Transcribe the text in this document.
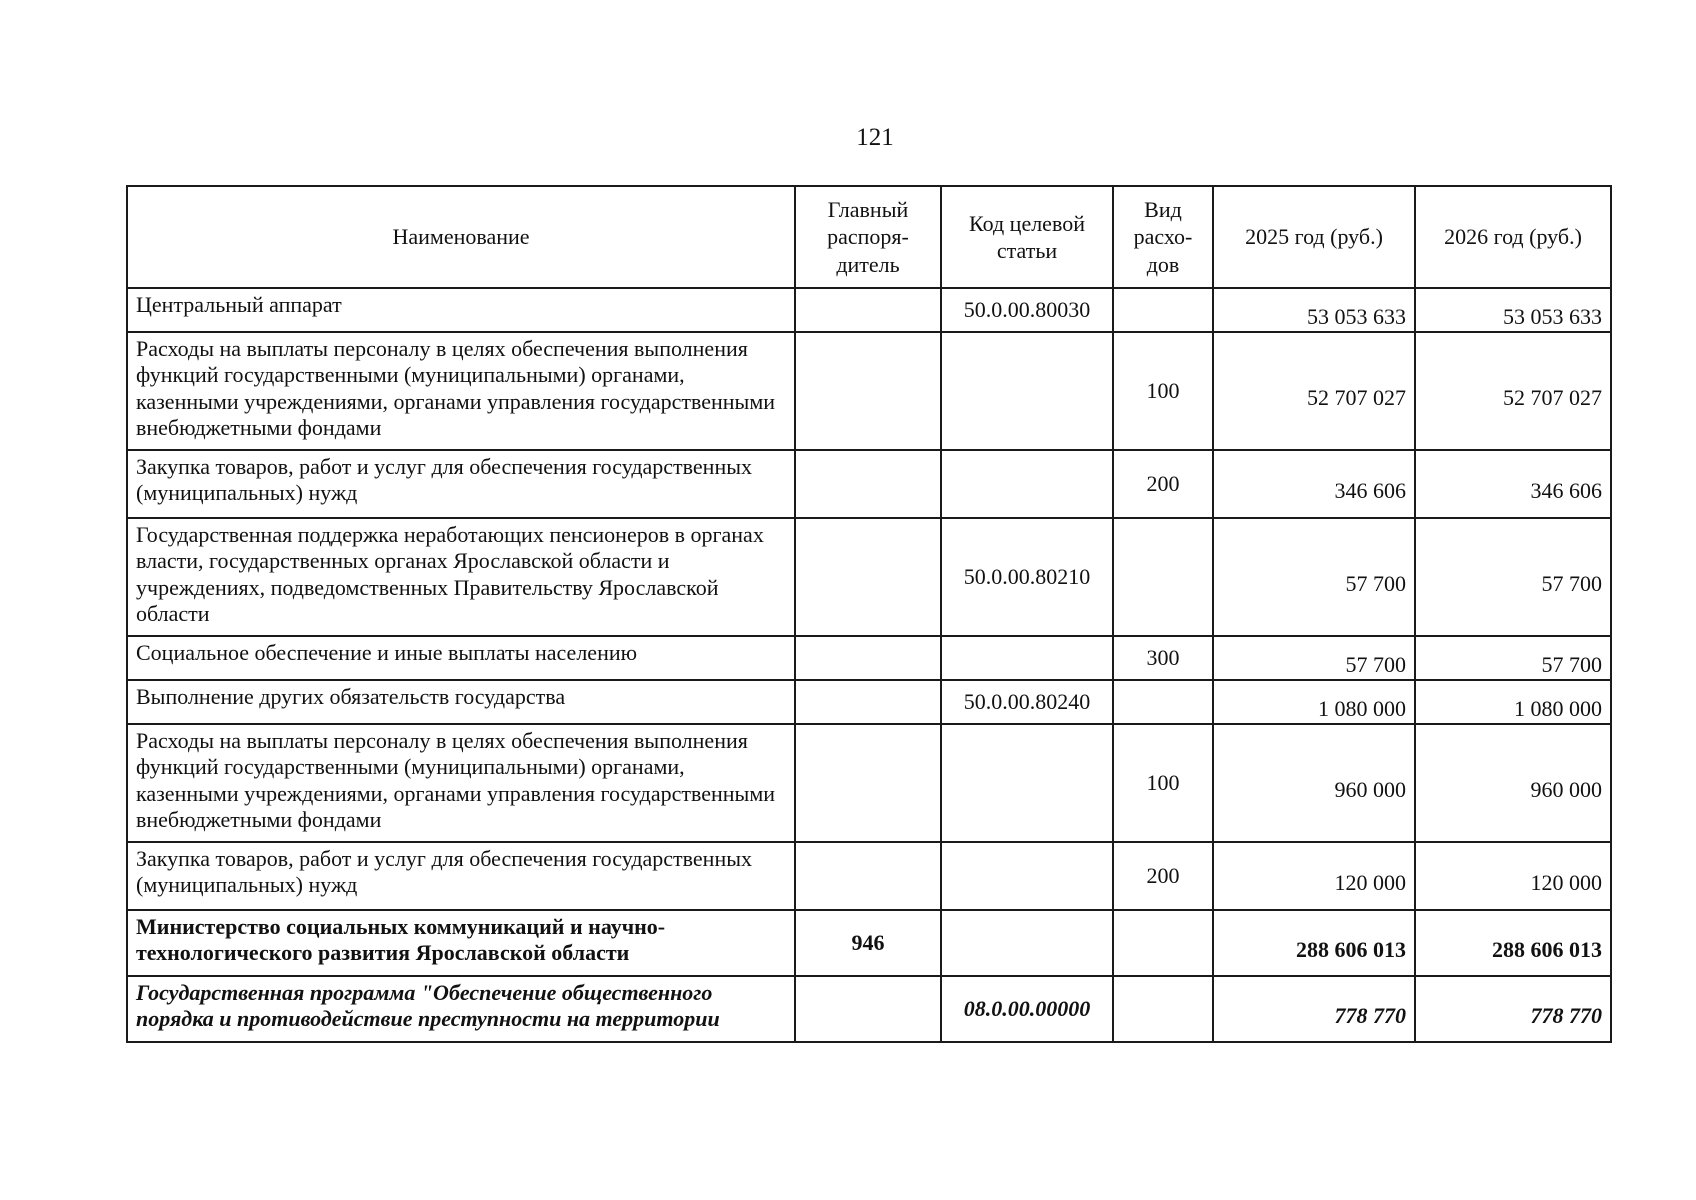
121
Наименование	Главный распоря-дитель	Код целевой статьи	Вид расхо-дов	2025 год (руб.)	2026 год (руб.)
Центральный аппарат		50.0.00.80030		53 053 633	53 053 633
Расходы на выплаты персоналу в целях обеспечения выполнения функций государственными (муниципальными) органами, казенными учреждениями, органами управления государственными внебюджетными фондами			100	52 707 027	52 707 027
Закупка товаров, работ и услуг для обеспечения государственных (муниципальных) нужд			200	346 606	346 606
Государственная поддержка неработающих пенсионеров в органах власти, государственных органах Ярославской области и учреждениях, подведомственных Правительству Ярославской области		50.0.00.80210		57 700	57 700
Социальное обеспечение и иные выплаты населению			300	57 700	57 700
Выполнение других обязательств государства		50.0.00.80240		1 080 000	1 080 000
Расходы на выплаты персоналу в целях обеспечения выполнения функций государственными (муниципальными) органами, казенными учреждениями, органами управления государственными внебюджетными фондами			100	960 000	960 000
Закупка товаров, работ и услуг для обеспечения государственных (муниципальных) нужд			200	120 000	120 000
Министерство социальных коммуникаций и научно-технологического развития Ярославской области	946			288 606 013	288 606 013
Государственная программа "Обеспечение общественного порядка и противодействие преступности на территории		08.0.00.00000		778 770	778 770
